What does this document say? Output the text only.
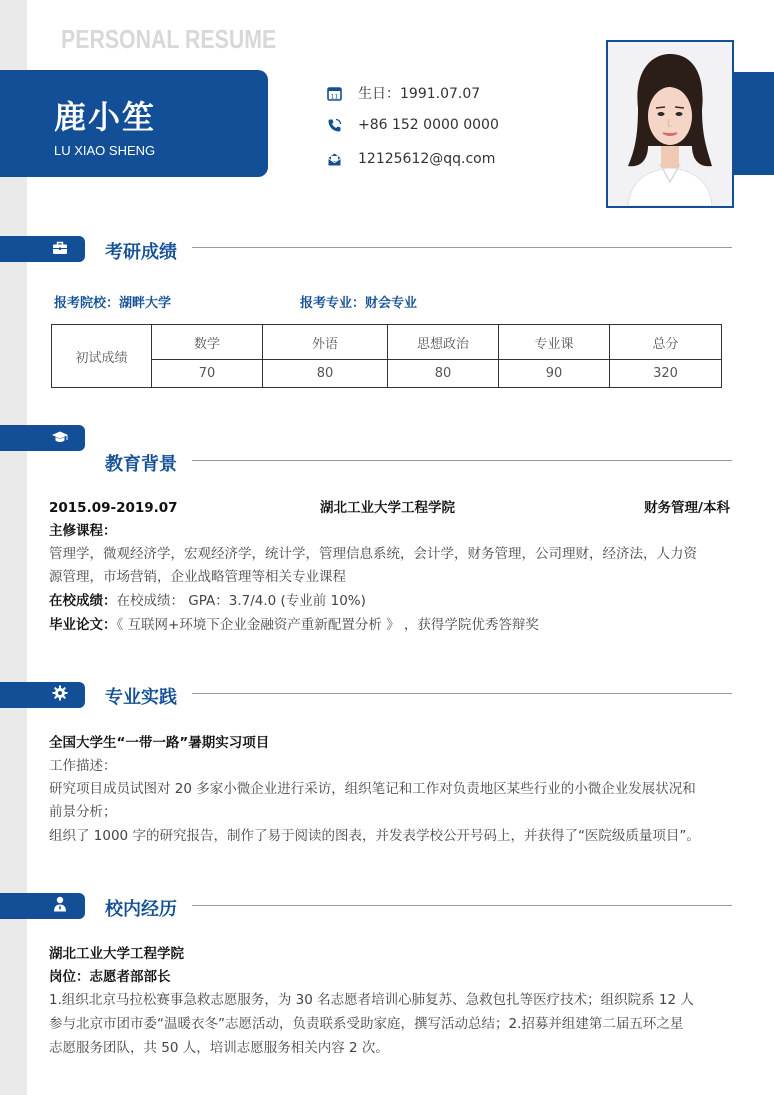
PERSONAL RESUME
鹿小笙
LU XIAO SHENG
11 生日：1991.07.07
+86 152 0000 0000
12125612@qq.com
考研成绩
报考院校：湖畔大学	报考专业：财会专业
初试成绩	数学	外语	思想政治	专业课	总分
	70	80	80	90	320
教育背景
2015.09-2019.07	湖北工业大学工程学院	财务管理/本科
主修课程：
管理学，微观经济学，宏观经济学，统计学，管理信息系统，会计学，财务管理，公司理财，经济法，人力资
源管理，市场营销，企业战略管理等相关专业课程
在校成绩：在校成绩： GPA：3.7/4.0 (专业前 10%)
毕业论文：《 互联网+环境下企业金融资产重新配置分析 》 ，获得学院优秀答辩奖
专业实践
全国大学生“一带一路”暑期实习项目
工作描述：
研究项目成员试图对 20 多家小微企业进行采访，组织笔记和工作对负责地区某些行业的小微企业发展状况和
前景分析；
组织了 1000 字的研究报告，制作了易于阅读的图表，并发表学校公开号码上，并获得了“医院级质量项目”。
校内经历
湖北工业大学工程学院
岗位：志愿者部部长
1.组织北京马拉松赛事急救志愿服务，为 30 名志愿者培训心肺复苏、急救包扎等医疗技术；组织院系 12 人
参与北京市团市委“温暖衣冬”志愿活动，负责联系受助家庭，撰写活动总结；2.招募并组建第二届五环之星
志愿服务团队，共 50 人，培训志愿服务相关内容 2 次。
